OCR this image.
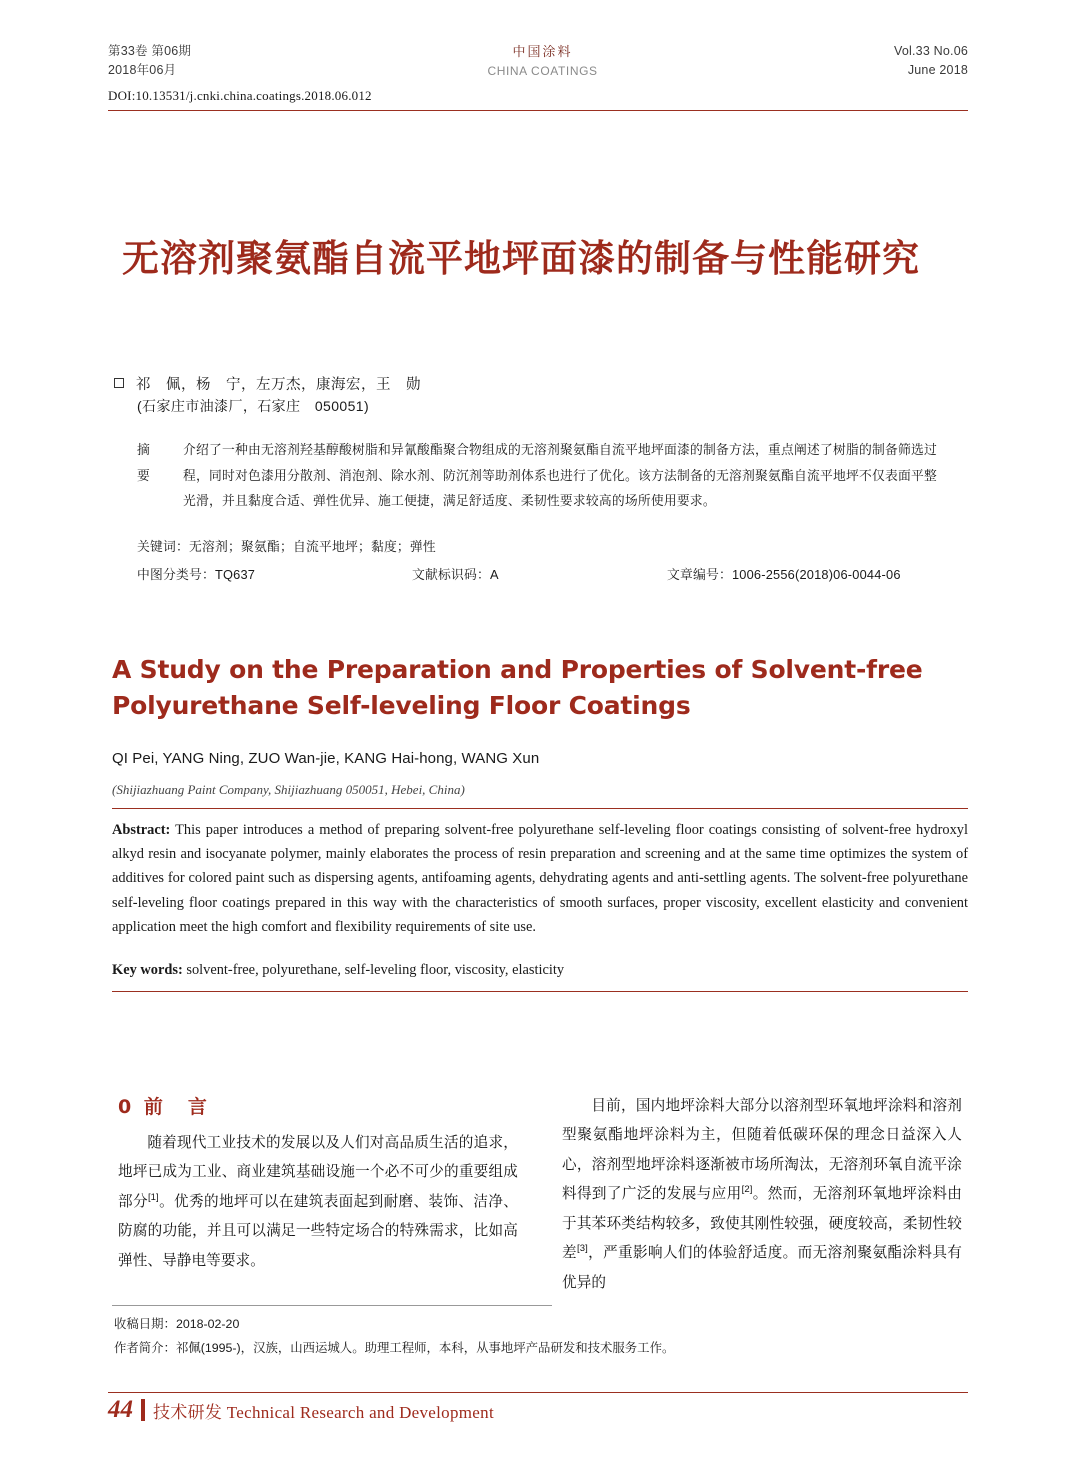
第33卷 第06期
2018年06月
中国涂料
CHINA COATINGS
Vol.33 No.06
June 2018
DOI:10.13531/j.cnki.china.coatings.2018.06.012
无溶剂聚氨酯自流平地坪面漆的制备与性能研究
祁　佩，杨　宁，左万杰，康海宏，王　勋
(石家庄市油漆厂，石家庄　050051)
摘　要
介绍了一种由无溶剂羟基醇酸树脂和异氰酸酯聚合物组成的无溶剂聚氨酯自流平地坪面漆的制备方法，重点阐述了树脂的制备筛选过程，同时对色漆用分散剂、消泡剂、除水剂、防沉剂等助剂体系也进行了优化。该方法制备的无溶剂聚氨酯自流平地坪不仅表面平整光滑，并且黏度合适、弹性优异、施工便捷，满足舒适度、柔韧性要求较高的场所使用要求。
关键词：无溶剂；聚氨酯；自流平地坪；黏度；弹性
中图分类号：TQ637	文献标识码：A	文章编号：1006-2556(2018)06-0044-06
A Study on the Preparation and Properties of Solvent-free Polyurethane Self-leveling Floor Coatings
QI Pei, YANG Ning, ZUO Wan-jie, KANG Hai-hong, WANG Xun
(Shijiazhuang Paint Company, Shijiazhuang 050051, Hebei, China)
Abstract: This paper introduces a method of preparing solvent-free polyurethane self-leveling floor coatings consisting of solvent-free hydroxyl alkyd resin and isocyanate polymer, mainly elaborates the process of resin preparation and screening and at the same time optimizes the system of additives for colored paint such as dispersing agents, antifoaming agents, dehydrating agents and anti-settling agents. The solvent-free polyurethane self-leveling floor coatings prepared in this way with the characteristics of smooth surfaces, proper viscosity, excellent elasticity and convenient application meet the high comfort and flexibility requirements of site use.
Key words: solvent-free, polyurethane, self-leveling floor, viscosity, elasticity
0 前　言
随着现代工业技术的发展以及人们对高品质生活的追求，地坪已成为工业、商业建筑基础设施一个必不可少的重要组成部分[1]。优秀的地坪可以在建筑表面起到耐磨、装饰、洁净、防腐的功能，并且可以满足一些特定场合的特殊需求，比如高弹性、导静电等要求。
目前，国内地坪涂料大部分以溶剂型环氧地坪涂料和溶剂型聚氨酯地坪涂料为主，但随着低碳环保的理念日益深入人心，溶剂型地坪涂料逐渐被市场所淘汰，无溶剂环氧自流平涂料得到了广泛的发展与应用[2]。然而，无溶剂环氧地坪涂料由于其苯环类结构较多，致使其刚性较强，硬度较高，柔韧性较差[3]，严重影响人们的体验舒适度。而无溶剂聚氨酯涂料具有优异的
收稿日期：2018-02-20
作者简介：祁佩(1995-)，汉族，山西运城人。助理工程师，本科，从事地坪产品研发和技术服务工作。
44 技术研发 Technical Research and Development
